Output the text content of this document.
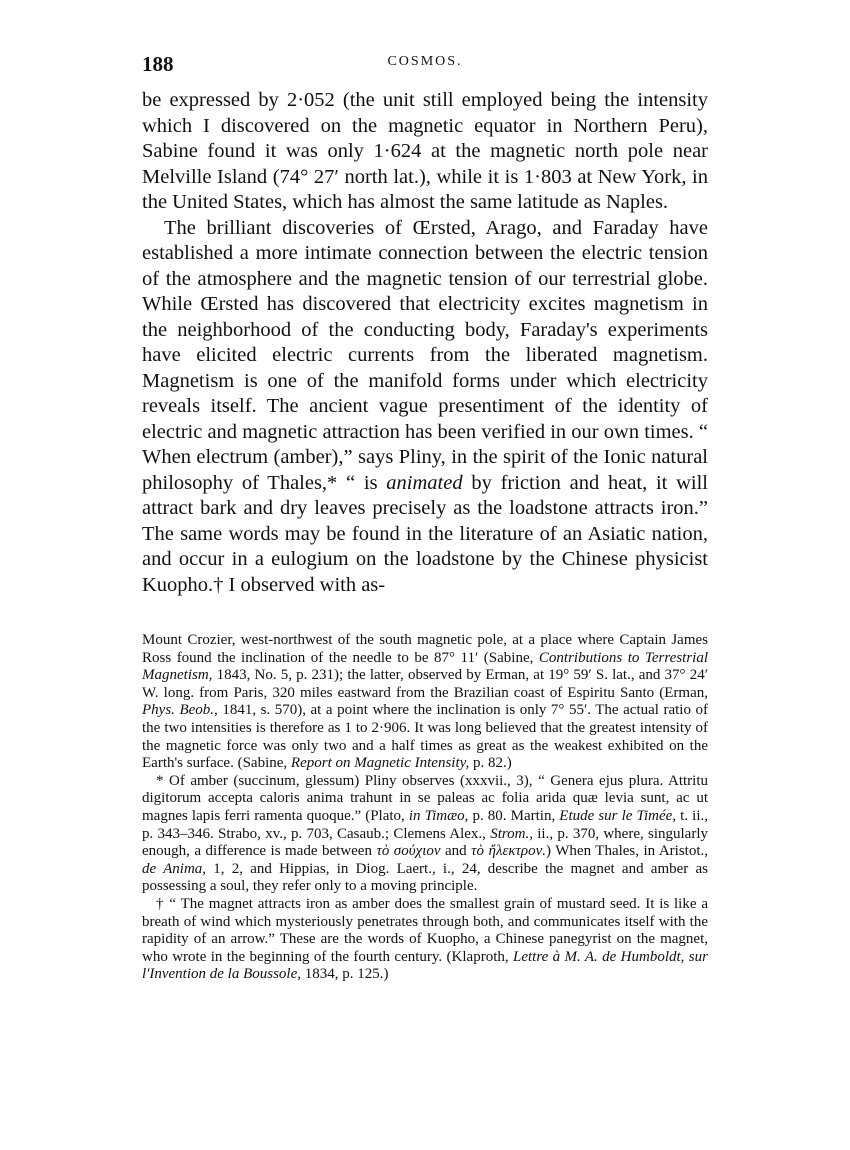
188	COSMOS.

be expressed by 2·052 (the unit still employed being the intensity which I discovered on the magnetic equator in Northern Peru), Sabine found it was only 1·624 at the magnetic north pole near Melville Island (74° 27′ north lat.), while it is 1·803 at New York, in the United States, which has almost the same latitude as Naples.

The brilliant discoveries of Œrsted, Arago, and Faraday have established a more intimate connection between the electric tension of the atmosphere and the magnetic tension of our terrestrial globe. While Œrsted has discovered that electricity excites magnetism in the neighborhood of the conducting body, Faraday's experiments have elicited electric currents from the liberated magnetism. Magnetism is one of the manifold forms under which electricity reveals itself. The ancient vague presentiment of the identity of electric and magnetic attraction has been verified in our own times. “ When electrum (amber),” says Pliny, in the spirit of the Ionic natural philosophy of Thales,* “ is animated by friction and heat, it will attract bark and dry leaves precisely as the loadstone attracts iron.” The same words may be found in the literature of an Asiatic nation, and occur in a eulogium on the loadstone by the Chinese physicist Kuopho.† I observed with as-

Mount Crozier, west-northwest of the south magnetic pole, at a place where Captain James Ross found the inclination of the needle to be 87° 11′ (Sabine, Contributions to Terrestrial Magnetism, 1843, No. 5, p. 231); the latter, observed by Erman, at 19° 59′ S. lat., and 37° 24′ W. long. from Paris, 320 miles eastward from the Brazilian coast of Espiritu Santo (Erman, Phys. Beob., 1841, s. 570), at a point where the inclination is only 7° 55′. The actual ratio of the two intensities is therefore as 1 to 2·906. It was long believed that the greatest intensity of the magnetic force was only two and a half times as great as the weakest exhibited on the Earth's surface. (Sabine, Report on Magnetic Intensity, p. 82.)

* Of amber (succinum, glessum) Pliny observes (xxxvii., 3), “ Genera ejus plura. Attritu digitorum accepta caloris anima trahunt in se paleas ac folia arida quæ levia sunt, ac ut magnes lapis ferri ramenta quoque.” (Plato, in Timæo, p. 80. Martin, Etude sur le Timée, t. ii., p. 343–346. Strabo, xv., p. 703, Casaub.; Clemens Alex., Strom., ii., p. 370, where, singularly enough, a difference is made between τὸ σούχιον and τὸ ἤλεκτρον.) When Thales, in Aristot., de Anima, 1, 2, and Hippias, in Diog. Laert., i., 24, describe the magnet and amber as possessing a soul, they refer only to a moving principle.

† “ The magnet attracts iron as amber does the smallest grain of mustard seed. It is like a breath of wind which mysteriously penetrates through both, and communicates itself with the rapidity of an arrow.” These are the words of Kuopho, a Chinese panegyrist on the magnet, who wrote in the beginning of the fourth century. (Klaproth, Lettre à M. A. de Humboldt, sur l'Invention de la Boussole, 1834, p. 125.)
